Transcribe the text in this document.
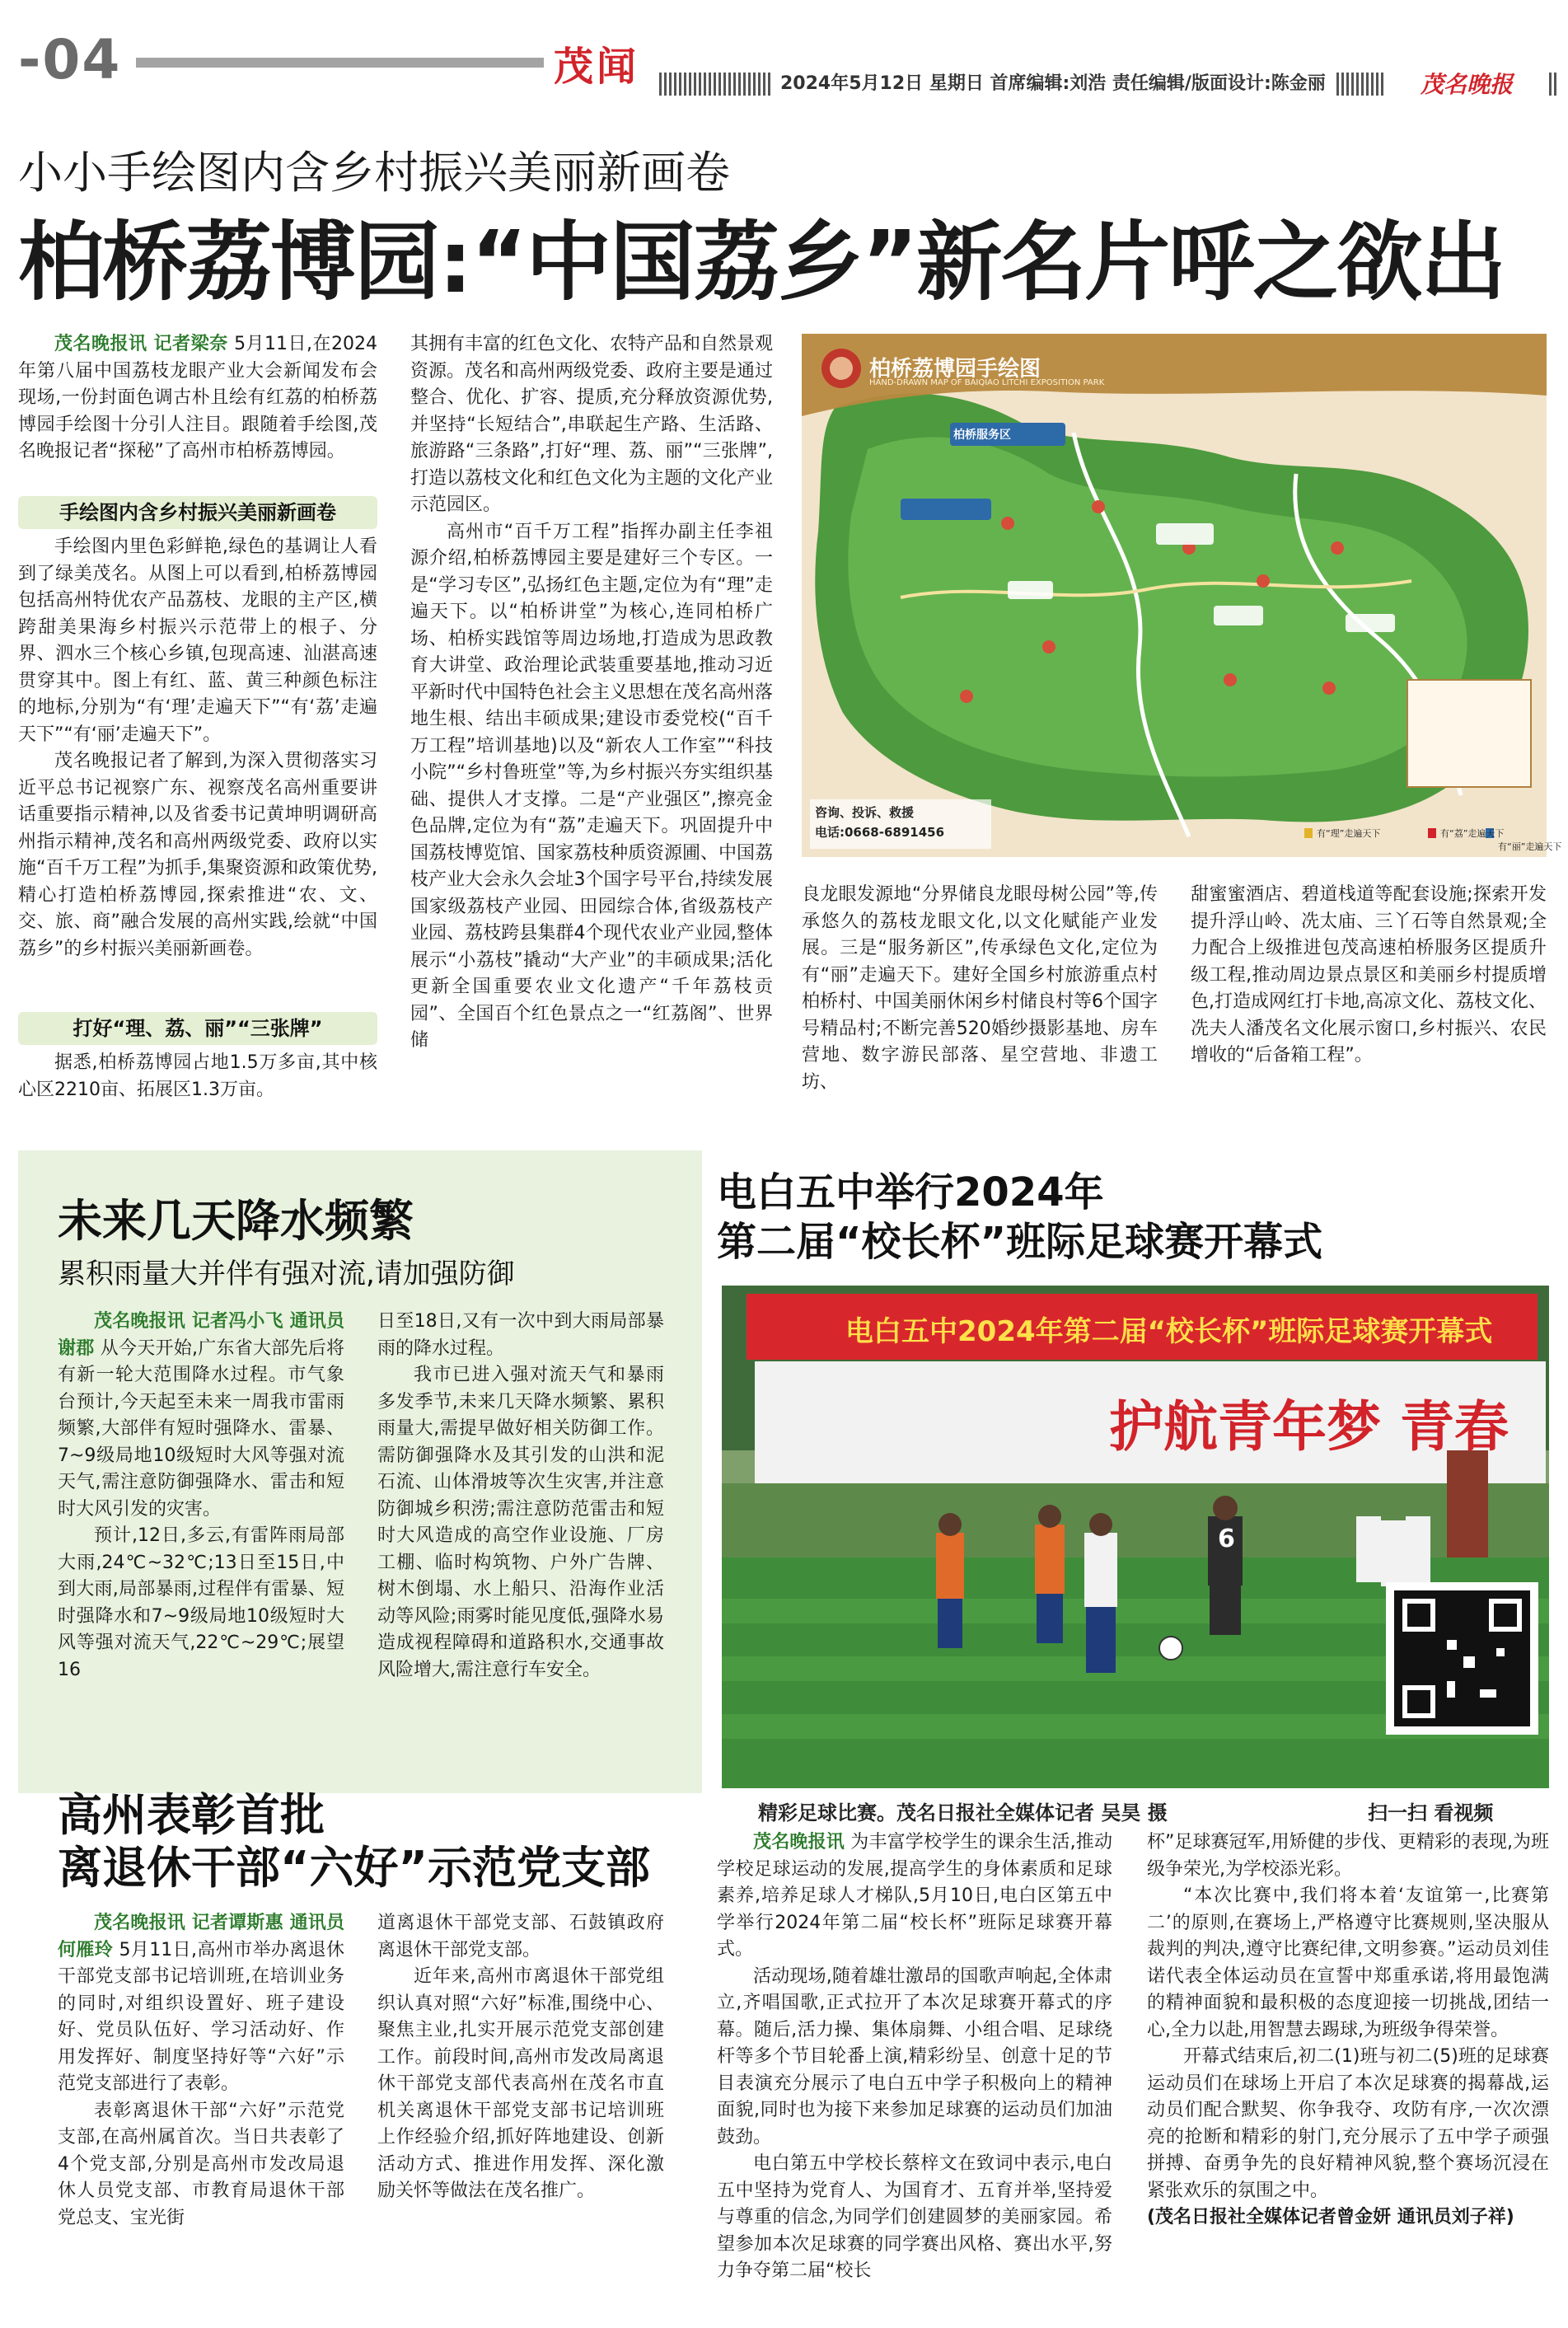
-04	茂闻	2024年5月12日 星期日 首席编辑:刘浩 责任编辑/版面设计:陈金丽	茂名晚报
小小手绘图内含乡村振兴美丽新画卷
柏桥荔博园:“中国荔乡”新名片呼之欲出

茂名晚报讯 记者梁奈 5月11日,在2024年第八届中国荔枝龙眼产业大会新闻发布会现场,一份封面色调古朴且绘有红荔的柏桥荔博园手绘图十分引人注目。跟随着手绘图,茂名晚报记者“探秘”了高州市柏桥荔博园。

手绘图内含乡村振兴美丽新画卷

手绘图内里色彩鲜艳,绿色的基调让人看到了绿美茂名。从图上可以看到,柏桥荔博园包括高州特优农产品荔枝、龙眼的主产区,横跨甜美果海乡村振兴示范带上的根子、分界、泗水三个核心乡镇,包现高速、汕湛高速贯穿其中。图上有红、蓝、黄三种颜色标注的地标,分别为“有‘理’走遍天下”“有‘荔’走遍天下”“有‘丽’走遍天下”。

茂名晚报记者了解到,为深入贯彻落实习近平总书记视察广东、视察茂名高州重要讲话重要指示精神,以及省委书记黄坤明调研高州指示精神,茂名和高州两级党委、政府以实施“百千万工程”为抓手,集聚资源和政策优势,精心打造柏桥荔博园,探索推进“农、文、交、旅、商”融合发展的高州实践,绘就“中国荔乡”的乡村振兴美丽新画卷。

打好“理、荔、丽”“三张牌”

据悉,柏桥荔博园占地1.5万多亩,其中核心区2210亩、拓展区1.3万亩。

其拥有丰富的红色文化、农特产品和自然景观资源。茂名和高州两级党委、政府主要是通过整合、优化、扩容、提质,充分释放资源优势,并坚持“长短结合”,串联起生产路、生活路、旅游路“三条路”,打好“理、荔、丽”“三张牌”,打造以荔枝文化和红色文化为主题的文化产业示范园区。

高州市“百千万工程”指挥办副主任李祖源介绍,柏桥荔博园主要是建好三个专区。一是“学习专区”,弘扬红色主题,定位为有“理”走遍天下。以“柏桥讲堂”为核心,连同柏桥广场、柏桥实践馆等周边场地,打造成为思政教育大讲堂、政治理论武装重要基地,推动习近平新时代中国特色社会主义思想在茂名高州落地生根、结出丰硕成果;建设市委党校(“百千万工程”培训基地)以及“新农人工作室”“科技小院”“乡村鲁班堂”等,为乡村振兴夯实组织基础、提供人才支撑。二是“产业强区”,擦亮金色品牌,定位为有“荔”走遍天下。巩固提升中国荔枝博览馆、国家荔枝种质资源圃、中国荔枝产业大会永久会址3个国字号平台,持续发展国家级荔枝产业园、田园综合体,省级荔枝产业园、荔枝跨县集群4个现代农业产业园,整体展示“小荔枝”撬动“大产业”的丰硕成果;活化更新全国重要农业文化遗产“千年荔枝贡园”、全国百个红色景点之一“红荔阁”、世界储

柏桥荔博园手绘图
HAND-DRAWN MAP OF BAIQIAO LITCHI EXPOSITION PARK
柏桥服务区
咨询、投诉、救援
电话:0668-6891456	有“理”走遍天下	有“荔”走遍天下
有“丽”走遍天下

良龙眼发源地“分界储良龙眼母树公园”等,传承悠久的荔枝龙眼文化,以文化赋能产业发展。三是“服务新区”,传承绿色文化,定位为有“丽”走遍天下。建好全国乡村旅游重点村柏桥村、中国美丽休闲乡村储良村等6个国字号精品村;不断完善520婚纱摄影基地、房车营地、数字游民部落、星空营地、非遗工坊、

甜蜜蜜酒店、碧道栈道等配套设施;探索开发提升浮山岭、冼太庙、三丫石等自然景观;全力配合上级推进包茂高速柏桥服务区提质升级工程,推动周边景点景区和美丽乡村提质增色,打造成网红打卡地,高凉文化、荔枝文化、冼夫人潘茂名文化展示窗口,乡村振兴、农民增收的“后备箱工程”。

未来几天降水频繁
累积雨量大并伴有强对流,请加强防御

茂名晚报讯 记者冯小飞 通讯员谢郡 从今天开始,广东省大部先后将有新一轮大范围降水过程。市气象台预计,今天起至未来一周我市雷雨频繁,大部伴有短时强降水、雷暴、7~9级局地10级短时大风等强对流天气,需注意防御强降水、雷击和短时大风引发的灾害。

预计,12日,多云,有雷阵雨局部大雨,24℃~32℃;13日至15日,中到大雨,局部暴雨,过程伴有雷暴、短时强降水和7~9级局地10级短时大风等强对流天气,22℃~29℃;展望16

日至18日,又有一次中到大雨局部暴雨的降水过程。

我市已进入强对流天气和暴雨多发季节,未来几天降水频繁、累积雨量大,需提早做好相关防御工作。需防御强降水及其引发的山洪和泥石流、山体滑坡等次生灾害,并注意防御城乡积涝;需注意防范雷击和短时大风造成的高空作业设施、厂房工棚、临时构筑物、户外广告牌、树木倒塌、水上船只、沿海作业活动等风险;雨雾时能见度低,强降水易造成视程障碍和道路积水,交通事故风险增大,需注意行车安全。

高州表彰首批
离退休干部“六好”示范党支部

茂名晚报讯 记者谭斯惠 通讯员何雁玲 5月11日,高州市举办离退休干部党支部书记培训班,在培训业务的同时,对组织设置好、班子建设好、党员队伍好、学习活动好、作用发挥好、制度坚持好等“六好”示范党支部进行了表彰。

表彰离退休干部“六好”示范党支部,在高州属首次。当日共表彰了4个党支部,分别是高州市发改局退休人员党支部、市教育局退休干部党总支、宝光街

道离退休干部党支部、石鼓镇政府离退休干部党支部。

近年来,高州市离退休干部党组织认真对照“六好”标准,围绕中心、聚焦主业,扎实开展示范党支部创建工作。前段时间,高州市发改局离退休干部党支部代表高州在茂名市直机关离退休干部党支部书记培训班上作经验介绍,抓好阵地建设、创新活动方式、推进作用发挥、深化激励关怀等做法在茂名推广。

电白五中举行2024年
第二届“校长杯”班际足球赛开幕式
电白五中2024年第二届“校长杯”班际足球赛开幕式
护航青年梦 青春
6
精彩足球比赛。茂名日报社全媒体记者 吴昊 摄	扫一扫 看视频

茂名晚报讯 为丰富学校学生的课余生活,推动学校足球运动的发展,提高学生的身体素质和足球素养,培养足球人才梯队,5月10日,电白区第五中学举行2024年第二届“校长杯”班际足球赛开幕式。

活动现场,随着雄壮激昂的国歌声响起,全体肃立,齐唱国歌,正式拉开了本次足球赛开幕式的序幕。随后,活力操、集体扇舞、小组合唱、足球绕杆等多个节目轮番上演,精彩纷呈、创意十足的节目表演充分展示了电白五中学子积极向上的精神面貌,同时也为接下来参加足球赛的运动员们加油鼓劲。

电白第五中学校长蔡梓文在致词中表示,电白五中坚持为党育人、为国育才、五育并举,坚持爱与尊重的信念,为同学们创建圆梦的美丽家园。希望参加本次足球赛的同学赛出风格、赛出水平,努力争夺第二届“校长

杯”足球赛冠军,用矫健的步伐、更精彩的表现,为班级争荣光,为学校添光彩。

“本次比赛中,我们将本着‘友谊第一,比赛第二’的原则,在赛场上,严格遵守比赛规则,坚决服从裁判的判决,遵守比赛纪律,文明参赛。”运动员刘佳诺代表全体运动员在宣誓中郑重承诺,将用最饱满的精神面貌和最积极的态度迎接一切挑战,团结一心,全力以赴,用智慧去踢球,为班级争得荣誉。

开幕式结束后,初二(1)班与初二(5)班的足球赛运动员们在球场上开启了本次足球赛的揭幕战,运动员们配合默契、你争我夺、攻防有序,一次次漂亮的抢断和精彩的射门,充分展示了五中学子顽强拼搏、奋勇争先的良好精神风貌,整个赛场沉浸在紧张欢乐的氛围之中。

(茂名日报社全媒体记者曾金妍 通讯员刘子祥)
